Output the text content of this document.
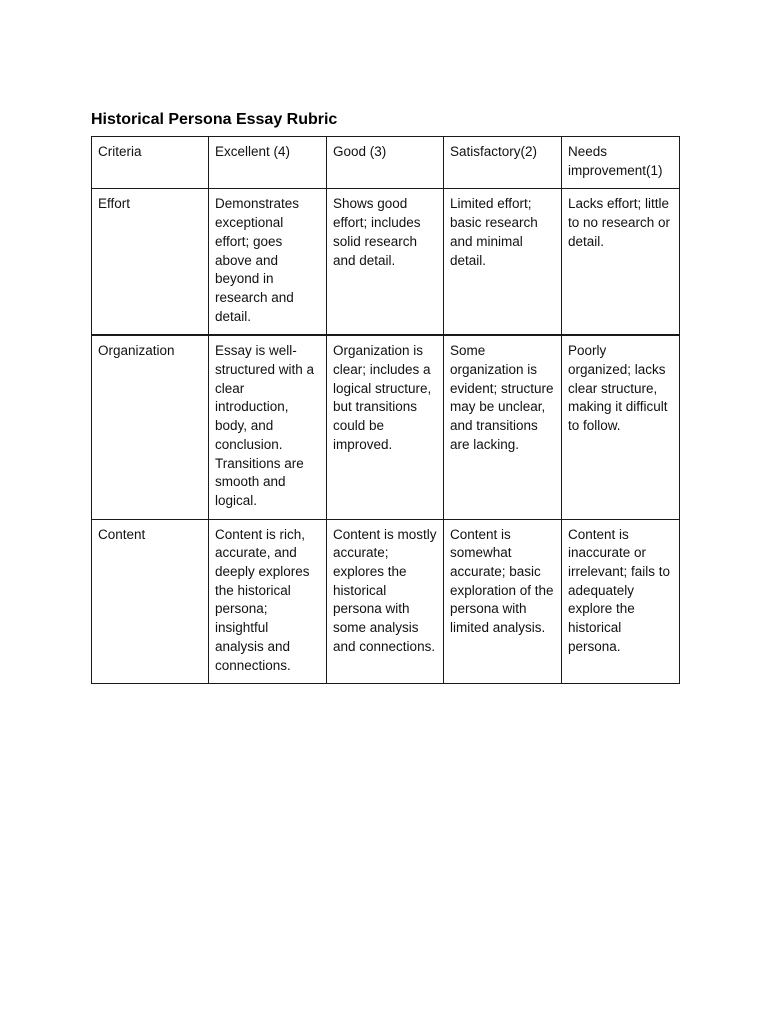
Historical Persona Essay Rubric
Criteria	Excellent (4)	Good (3)	Satisfactory(2)	Needs improvement(1)
Effort	Demonstrates exceptional effort; goes above and beyond in research and detail.	Shows good effort; includes solid research and detail.	Limited effort; basic research and minimal detail.	Lacks effort; little to no research or detail.
Organization	Essay is well-structured with a clear introduction, body, and conclusion. Transitions are smooth and logical.	Organization is clear; includes a logical structure, but transitions could be improved.	Some organization is evident; structure may be unclear, and transitions are lacking.	Poorly organized; lacks clear structure, making it difficult to follow.
Content	Content is rich, accurate, and deeply explores the historical persona; insightful analysis and connections.	Content is mostly accurate; explores the historical persona with some analysis and connections.	Content is somewhat accurate; basic exploration of the persona with limited analysis.	Content is inaccurate or irrelevant; fails to adequately explore the historical persona.
